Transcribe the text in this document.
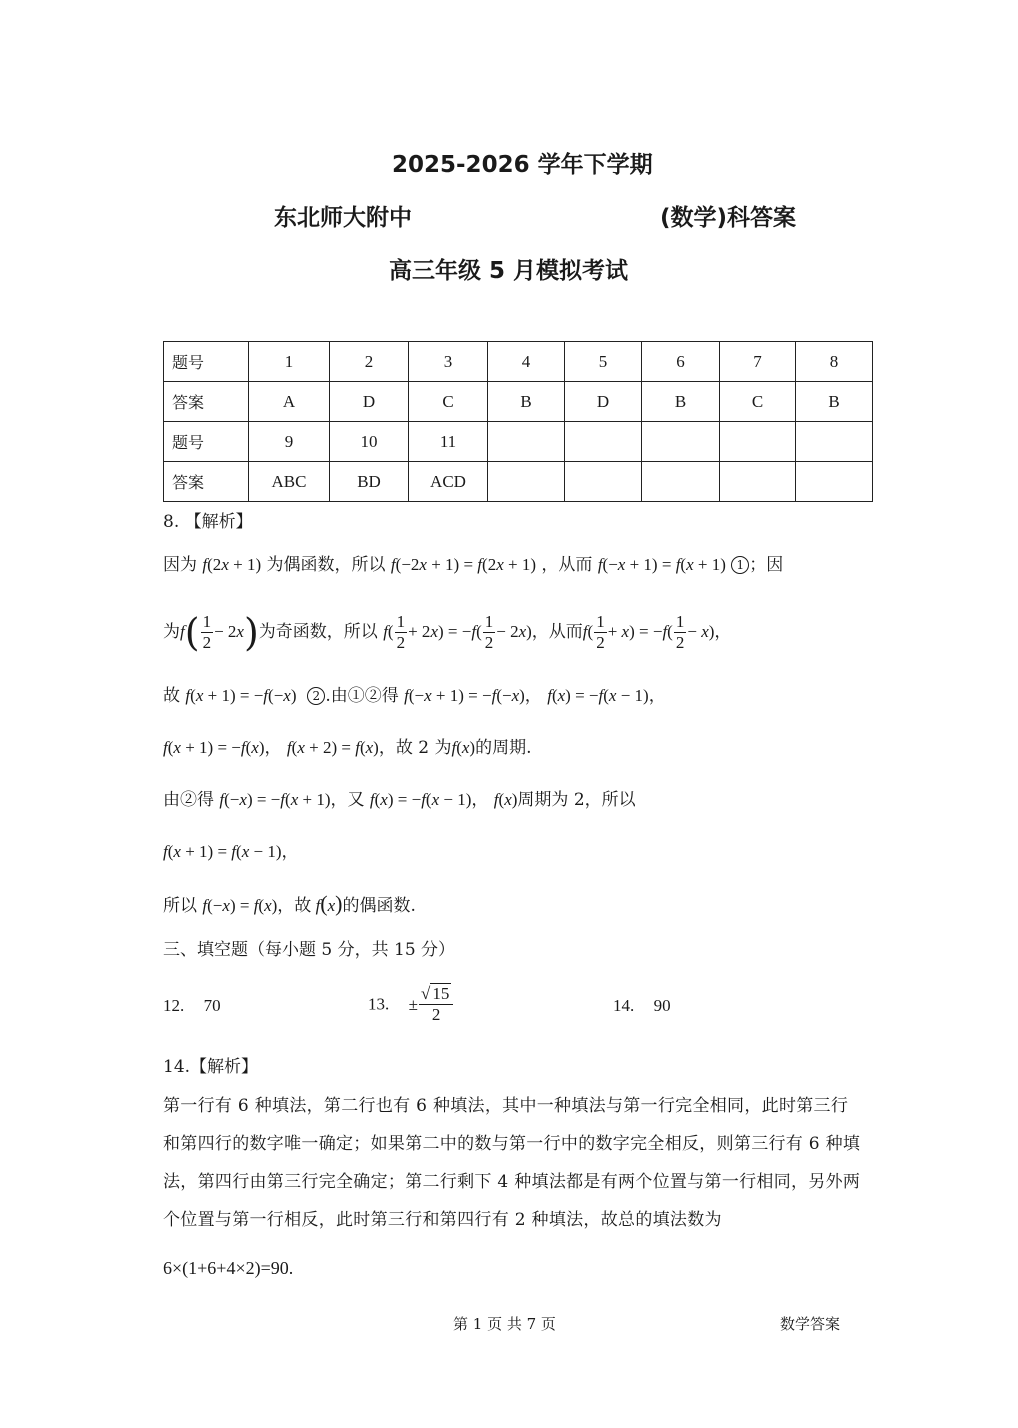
2025-2026 学年下学期
东北师大附中	(数学)科答案
高三年级 5 月模拟考试
题号	1	2	3	4	5	6	7	8
答案	A	D	C	B	D	B	C	B
题号	9	10	11					
答案	ABC	BD	ACD					
8. 【解析】
因为 f(2x + 1) 为偶函数，所以 f(−2x + 1) = f(2x + 1) ，从而 f(−x + 1) = f(x + 1) 1 ；因
为$f( \frac{1}{2} - 2x)$为奇函数，所以 $f( \frac{1}{2} + 2x) = -f( \frac{1}{2} - 2x)$，从而$f( \frac{1}{2} + x) = -f( \frac{1}{2} - x)$，
故 f(x + 1) = −f(−x) 2 .由①②得 f(−x + 1) = −f(−x)， f(x) = −f(x − 1)，
f(x + 1) = −f(x)， f(x + 2) = f(x)，故 2 为f(x)的周期.
由②得 f(−x) = −f(x + 1)，又 f(x) = −f(x − 1)， f(x)周期为 2，所以
f(x + 1) = f(x − 1)，
所以 f(−x) = f(x)，故 f(x)的偶函数.
三、填空题（每小题 5 分，共 15 分）
12. 70	13. ± $\frac{√ 15}{2}$	14. 90
14.【解析】
第一行有 6 种填法，第二行也有 6 种填法，其中一种填法与第一行完全相同，此时第三行和第四行的数字唯一确定；如果第二中的数与第一行中的数字完全相反，则第三行有 6 种填法，第四行由第三行完全确定；第二行剩下 4 种填法都是有两个位置与第一行相同，另外两个位置与第一行相反，此时第三行和第四行有 2 种填法，故总的填法数为
6×(1+6+4×2)=90.
第 1 页 共 7 页	数学答案
